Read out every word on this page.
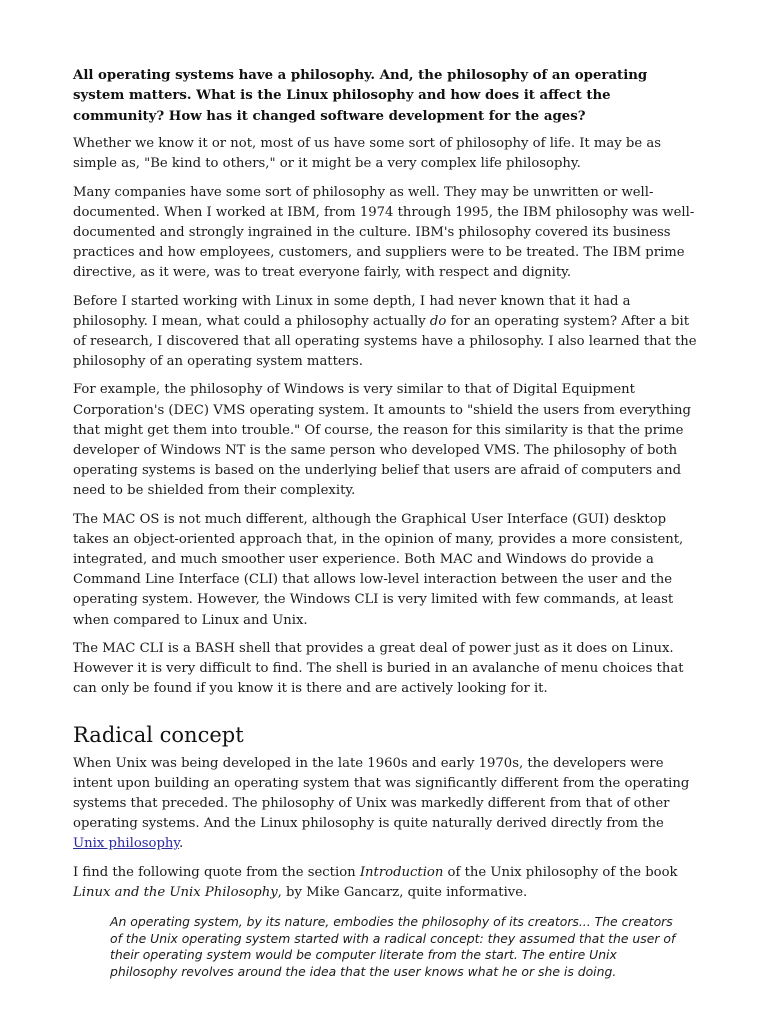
All operating systems have a philosophy. And, the philosophy of an operating system matters. What is the Linux philosophy and how does it affect the community? How has it changed software development for the ages?

Whether we know it or not, most of us have some sort of philosophy of life. It may be as simple as, "Be kind to others," or it might be a very complex life philosophy.

Many companies have some sort of philosophy as well. They may be unwritten or well-documented. When I worked at IBM, from 1974 through 1995, the IBM philosophy was well-documented and strongly ingrained in the culture. IBM's philosophy covered its business practices and how employees, customers, and suppliers were to be treated. The IBM prime directive, as it were, was to treat everyone fairly, with respect and dignity.

Before I started working with Linux in some depth, I had never known that it had a philosophy. I mean, what could a philosophy actually do for an operating system? After a bit of research, I discovered that all operating systems have a philosophy. I also learned that the philosophy of an operating system matters.

For example, the philosophy of Windows is very similar to that of Digital Equipment Corporation's (DEC) VMS operating system. It amounts to "shield the users from everything that might get them into trouble." Of course, the reason for this similarity is that the prime developer of Windows NT is the same person who developed VMS. The philosophy of both operating systems is based on the underlying belief that users are afraid of computers and need to be shielded from their complexity.

The MAC OS is not much different, although the Graphical User Interface (GUI) desktop takes an object-oriented approach that, in the opinion of many, provides a more consistent, integrated, and much smoother user experience. Both MAC and Windows do provide a Command Line Interface (CLI) that allows low-level interaction between the user and the operating system. However, the Windows CLI is very limited with few commands, at least when compared to Linux and Unix.

The MAC CLI is a BASH shell that provides a great deal of power just as it does on Linux. However it is very difficult to find. The shell is buried in an avalanche of menu choices that can only be found if you know it is there and are actively looking for it.

Radical concept

When Unix was being developed in the late 1960s and early 1970s, the developers were intent upon building an operating system that was significantly different from the operating systems that preceded. The philosophy of Unix was markedly different from that of other operating systems. And the Linux philosophy is quite naturally derived directly from the Unix philosophy.

I find the following quote from the section Introduction of the Unix philosophy of the book Linux and the Unix Philosophy, by Mike Gancarz, quite informative.

An operating system, by its nature, embodies the philosophy of its creators... The creators of the Unix operating system started with a radical concept: they assumed that the user of their operating system would be computer literate from the start. The entire Unix philosophy revolves around the idea that the user knows what he or she is doing.
